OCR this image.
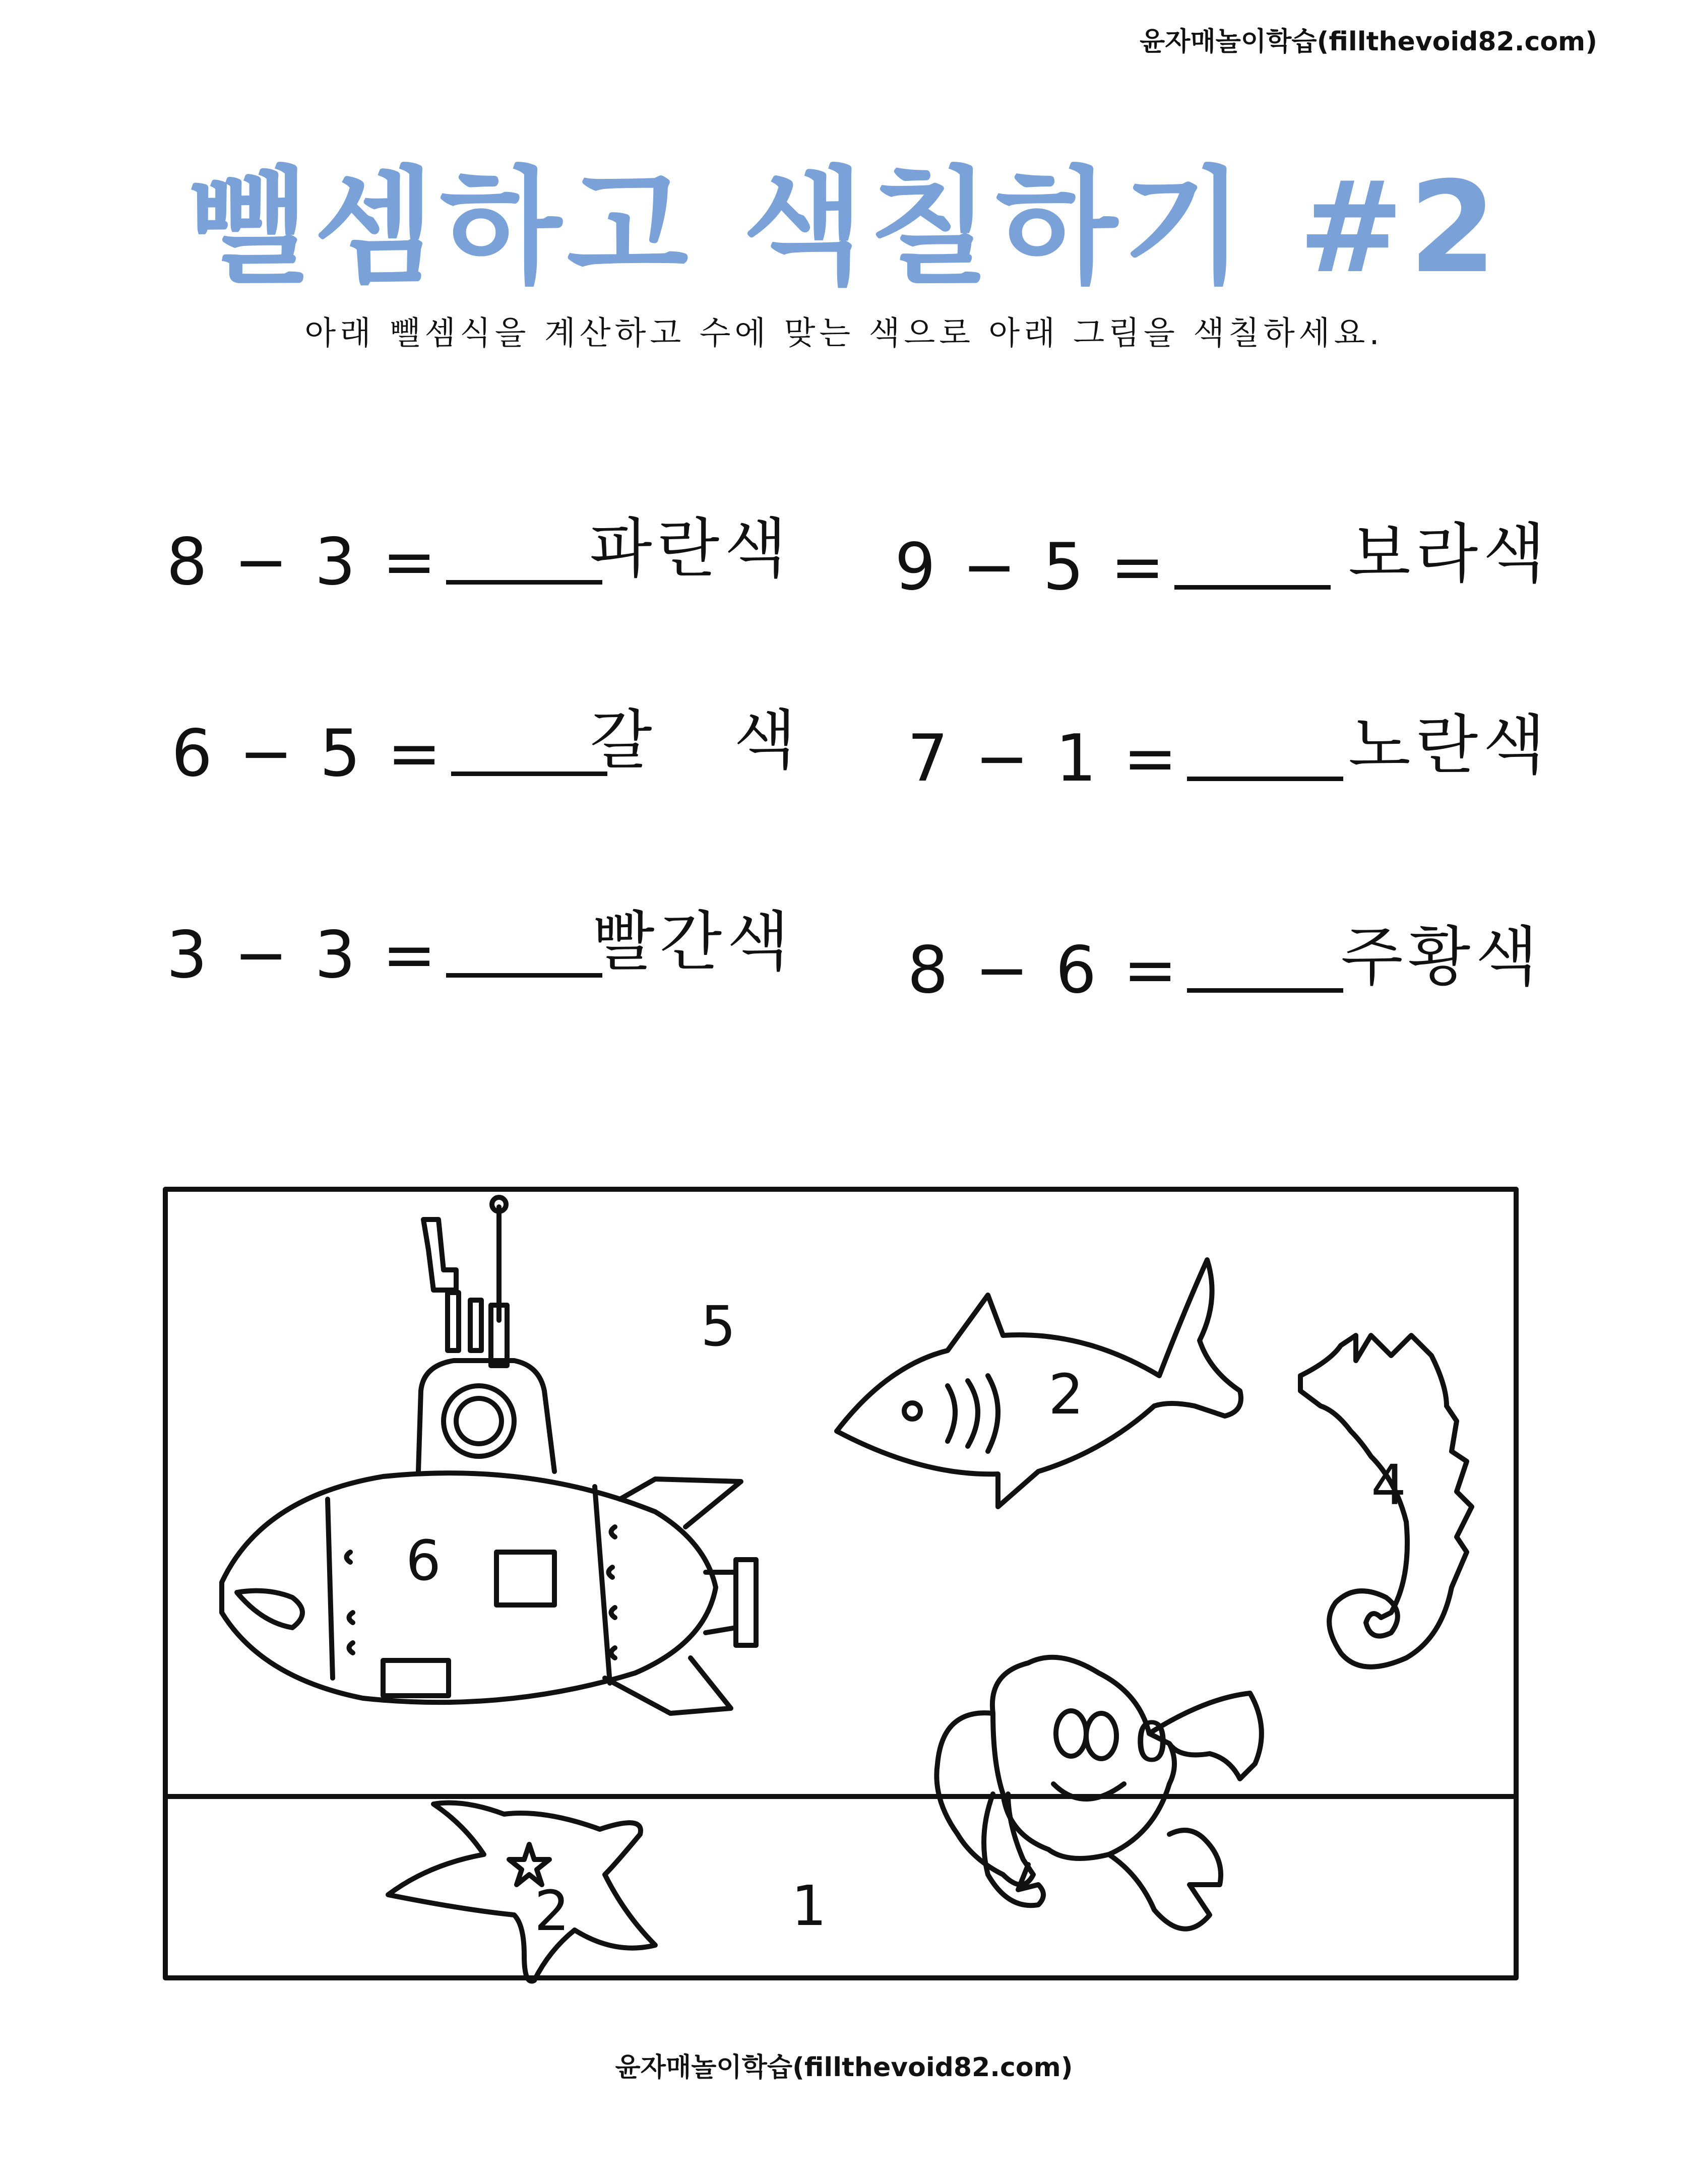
윤자매놀이학습(fillthevoid82.com)
뺄셈하고 색칠하기 #2
아래 뺄셈식을 계산하고 수에 맞는 색으로 아래 그림을 색칠하세요.
8 − 3 = 파란색 9 − 5 =	보라색
6 − 5 = 갈   색 7 − 1 =	노란색
3 − 3 = 빨간색 8 − 6 = 주황색
6
5
2
4
0
2	1
윤자매놀이학습(fillthevoid82.com)
